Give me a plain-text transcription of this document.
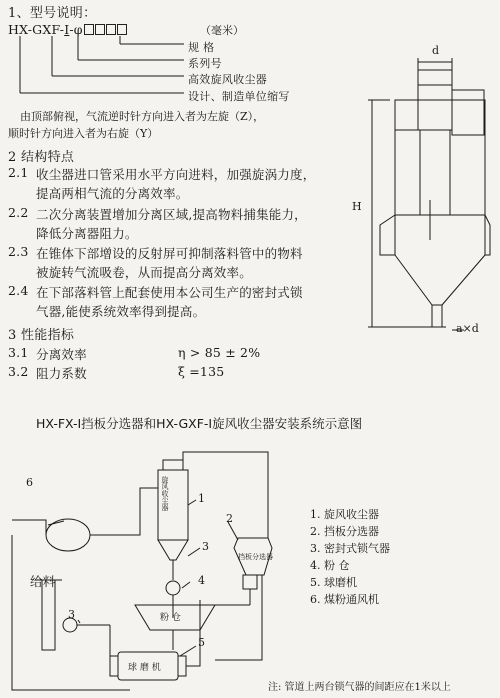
1、型号说明：
HX-GXF-Ⅰ-φ	（毫米）
规 格
系列号
高效旋风收尘器
设计、制造单位缩写
由顶部俯视，气流逆时针方向进入者为左旋（Z），
顺时针方向进入者为右旋（Y）
2 结构特点
2.1 收尘器进口管采用水平方向进料，加强旋涡力度，
提高两相气流的分离效率。
2.2 二次分离装置增加分离区域,提高物料捕集能力，
降低分离器阻力。
2.3 在锥体下部增设的反射屏可抑制落料管中的物料
被旋转气流吸卷，从而提高分离效率。
2.4 在下部落料管上配套使用本公司生产的密封式锁
气器,能使系统效率得到提高。
3 性能指标
3.1 分离效率	η > 85 ± 2%
3.2 阻力系数	ξ =135
d
H
a×d
HX-FX-Ⅰ挡板分选器和HX-GXF-Ⅰ旋风收尘器安装系统示意图
6
1
2
3
3
4
5
旋风收尘器
挡板分选器
粉 仓
球 磨 机
给料
1. 旋风收尘器
2. 挡板分选器
3. 密封式锁气器
4. 粉 仓
5. 球磨机
6. 煤粉通风机
注: 管道上两台锁气器的间距应在1米以上
